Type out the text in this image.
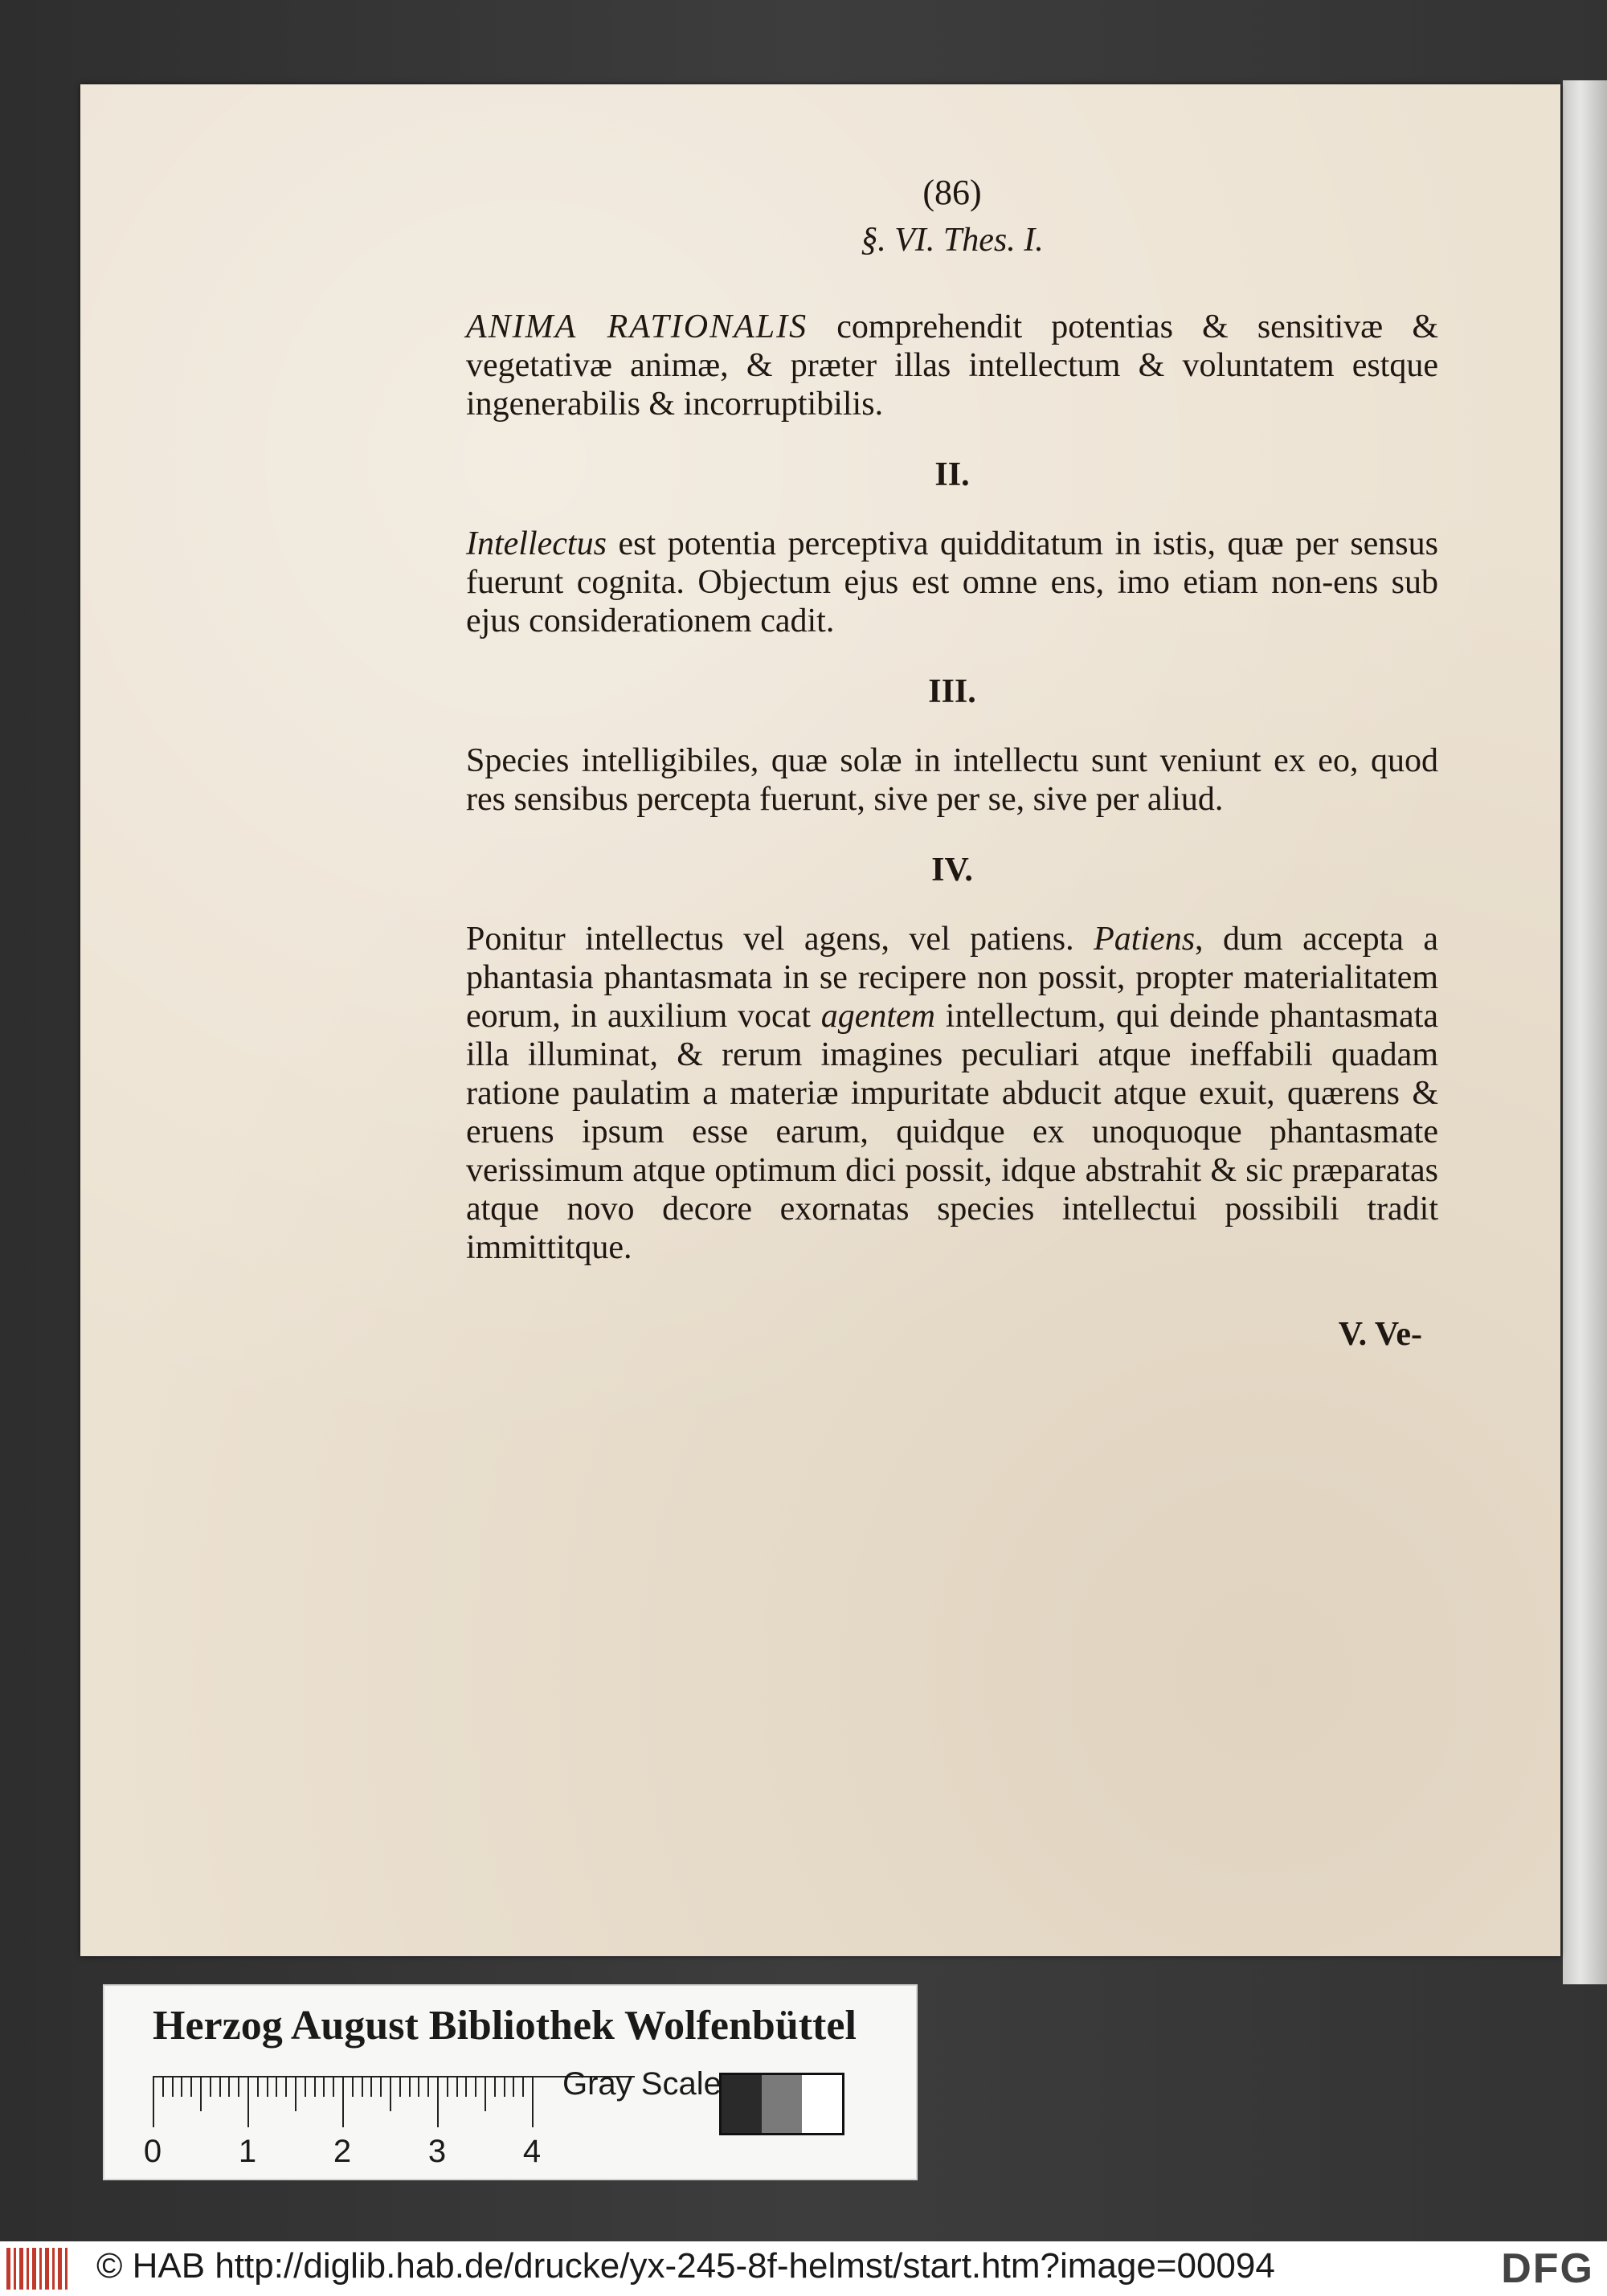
(86)
§. VI. Thes. I.

ANIMA RATIONALIS comprehendit potentias & sensitivæ & vegetativæ animæ, & præter illas intellectum & voluntatem estque ingenerabilis & incorruptibilis.

II.

Intellectus est potentia perceptiva quidditatum in istis, quæ per sensus fuerunt cognita. Objectum ejus est omne ens, imo etiam non-ens sub ejus considerationem cadit.

III.

Species intelligibiles, quæ solæ in intellectu sunt veniunt ex eo, quod res sensibus percepta fuerunt, sive per se, sive per aliud.

IV.

Ponitur intellectus vel agens, vel patiens. Patiens, dum accepta a phantasia phantasmata in se recipere non possit, propter materialitatem eorum, in auxilium vocat agentem intellectum, qui deinde phantasmata illa illuminat, & rerum imagines peculiari atque ineffabili quadam ratione paulatim a materiæ impuritate abducit atque exuit, quærens & eruens ipsum esse earum, quidque ex unoquoque phantasmate verissimum atque optimum dici possit, idque abstrahit & sic præparatas atque novo decore exornatas species intellectui possibili tradit immittitque.

V. Ve-
Herzog August Bibliothek Wolfenbüttel
0 1 2 3 4
Gray Scale
© HAB http://diglib.hab.de/drucke/yx-245-8f-helmst/start.htm?image=00094	DFG
